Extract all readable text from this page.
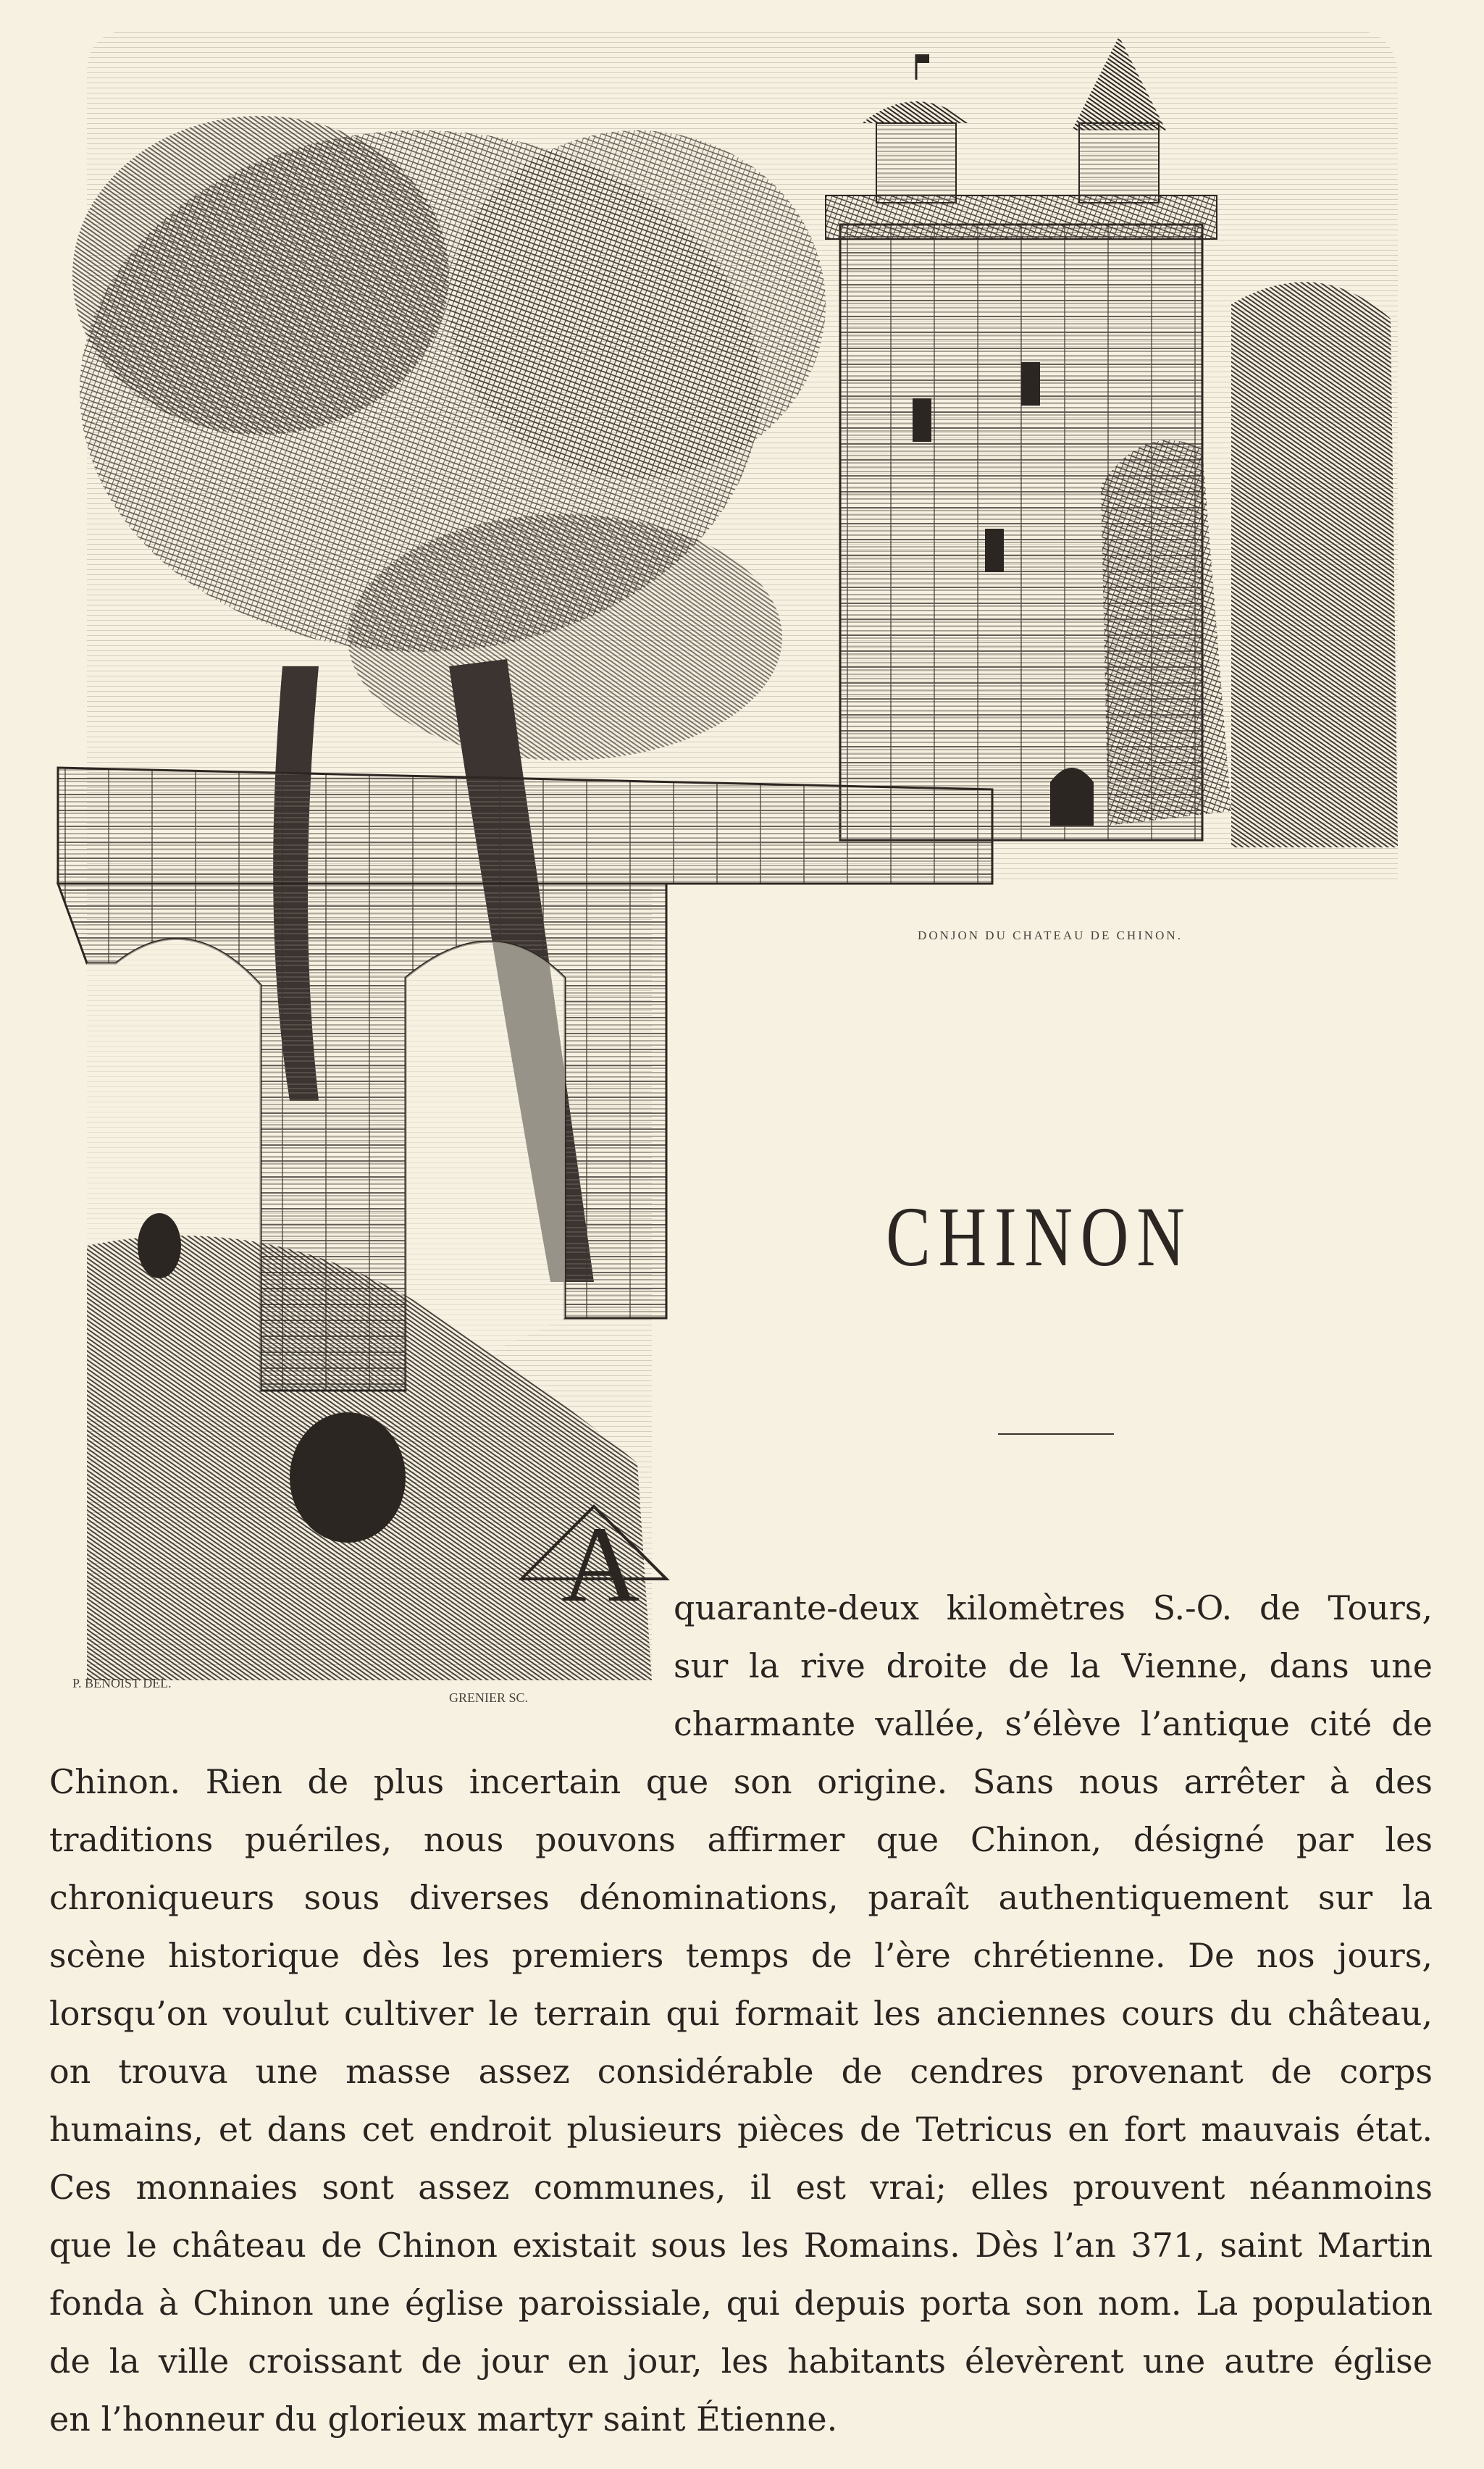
A
P. BENOIST DEL.
GRENIER SC.
DONJON DU CHATEAU DE CHINON.
CHINON
quarante-deux kilomètres S.-O. de Tours,
sur la rive droite de la Vienne, dans une
charmante vallée, s’élève l’antique cité de
Chinon. Rien de plus incertain que son origine. Sans nous arrêter à des
traditions puériles, nous pouvons affirmer que Chinon, désigné par les
chroniqueurs sous diverses dénominations, paraît authentiquement sur la
scène historique dès les premiers temps de l’ère chrétienne. De nos jours,
lorsqu’on voulut cultiver le terrain qui formait les anciennes cours du château,
on trouva une masse assez considérable de cendres provenant de corps
humains, et dans cet endroit plusieurs pièces de Tetricus en fort mauvais état.
Ces monnaies sont assez communes, il est vrai; elles prouvent néanmoins
que le château de Chinon existait sous les Romains. Dès l’an 371, saint Martin
fonda à Chinon une église paroissiale, qui depuis porta son nom. La population
de la ville croissant de jour en jour, les habitants élevèrent une autre église
en l’honneur du glorieux martyr saint Étienne.
